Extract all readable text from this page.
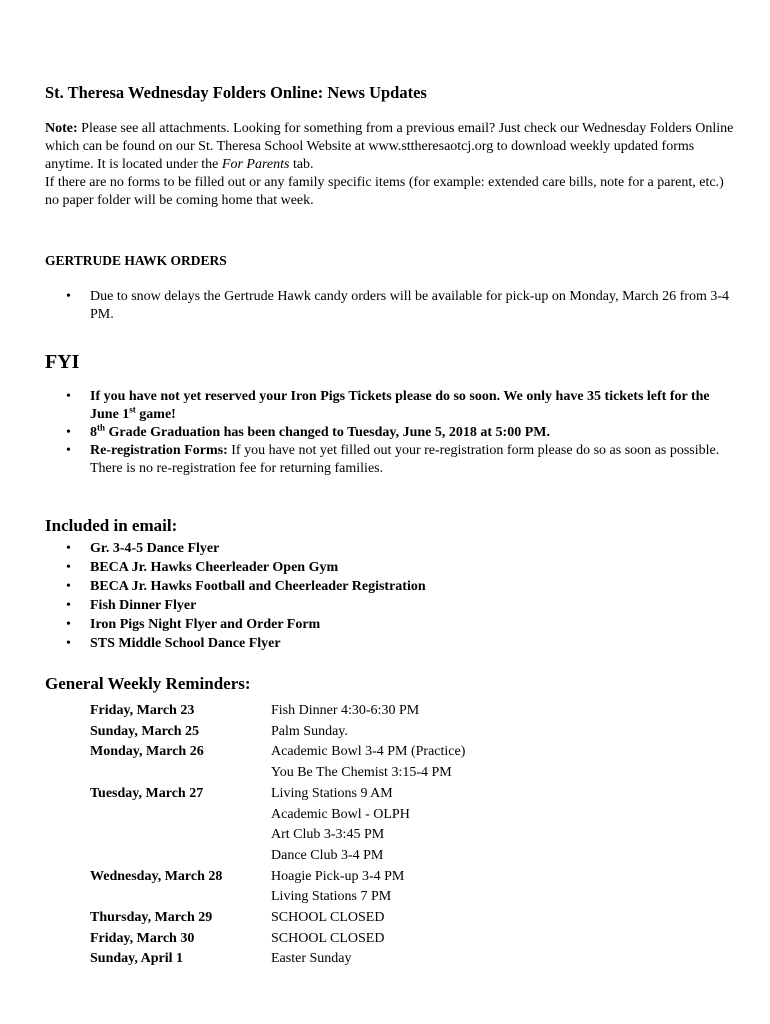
St. Theresa Wednesday Folders Online: News Updates
Note: Please see all attachments. Looking for something from a previous email? Just check our Wednesday Folders Online which can be found on our St. Theresa School Website at www.sttheresaotcj.org to download weekly updated forms anytime. It is located under the For Parents tab.
If there are no forms to be filled out or any family specific items (for example: extended care bills, note for a parent, etc.) no paper folder will be coming home that week.
GERTRUDE HAWK ORDERS
• Due to snow delays the Gertrude Hawk candy orders will be available for pick-up on Monday, March 26 from 3-4 PM.
FYI
• If you have not yet reserved your Iron Pigs Tickets please do so soon. We only have 35 tickets left for the June 1st game!
• 8th Grade Graduation has been changed to Tuesday, June 5, 2018 at 5:00 PM.
• Re-registration Forms: If you have not yet filled out your re-registration form please do so as soon as possible. There is no re-registration fee for returning families.
Included in email:
• Gr. 3-4-5 Dance Flyer
• BECA Jr. Hawks Cheerleader Open Gym
• BECA Jr. Hawks Football and Cheerleader Registration
• Fish Dinner Flyer
• Iron Pigs Night Flyer and Order Form
• STS Middle School Dance Flyer
General Weekly Reminders:
Friday, March 23	Fish Dinner 4:30-6:30 PM
Sunday, March 25	Palm Sunday.
Monday, March 26	Academic Bowl 3-4 PM (Practice)
	You Be The Chemist 3:15-4 PM
Tuesday, March 27	Living Stations 9 AM
	Academic Bowl - OLPH
	Art Club 3-3:45 PM
	Dance Club 3-4 PM
Wednesday, March 28	Hoagie Pick-up 3-4 PM
	Living Stations 7 PM
Thursday, March 29	SCHOOL CLOSED
Friday, March 30	SCHOOL CLOSED
Sunday, April 1	Easter Sunday
